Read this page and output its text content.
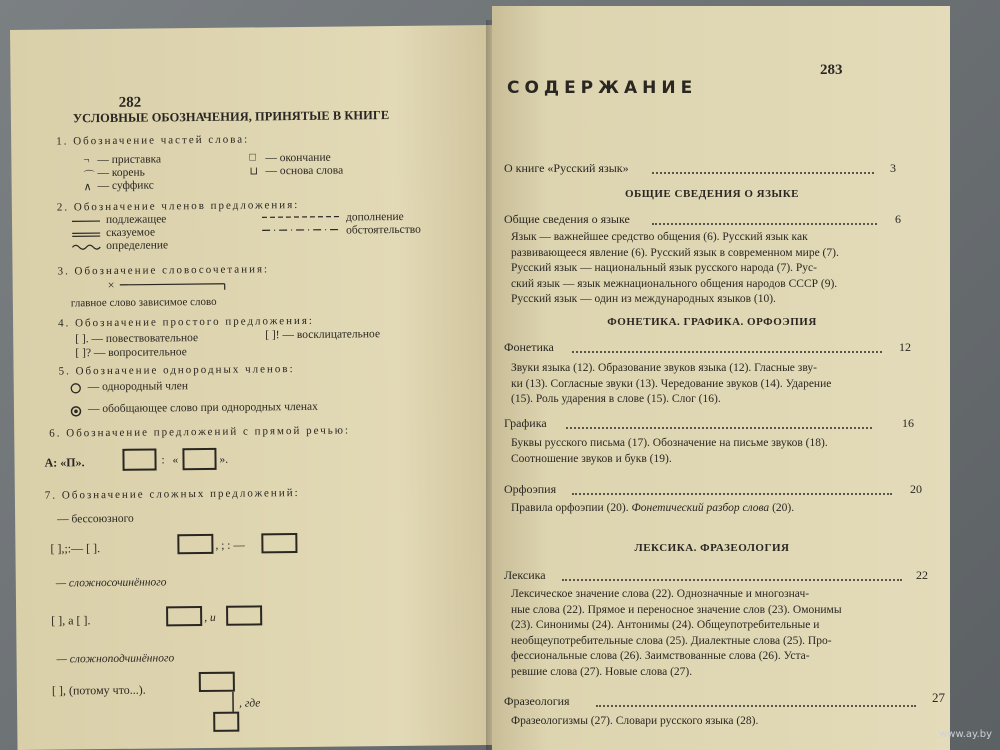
282
УСЛОВНЫЕ ОБОЗНАЧЕНИЯ, ПРИНЯТЫЕ В КНИГЕ
1. Обозначение частей слова:
¬ — приставка
⌒ — корень
∧ — суффикс
□ — окончание
⊔ — основа слова
2. Обозначение членов предложения:
подлежащее
сказуемое
определение
дополнение
обстоятельство
3. Обозначение словосочетания:
×
главное слово зависимое слово
4. Обозначение простого предложения:
[ ]. — повествовательное
[ ]? — вопросительное
[ ]! — восклицательное
5. Обозначение однородных членов:
— однородный член
— обобщающее слово при однородных членах
6. Обозначение предложений с прямой речью:
А: «П».	: «	».
7. Обозначение сложных предложений:
— бессоюзного
[ ],;:— [ ].	, ; : —
— сложносочинённого
[ ], а [ ].	, и
— сложноподчинённого
[ ], (потому что...).
, где
283
СОДЕРЖАНИЕ
О книге «Русский язык»	3
ОБЩИЕ СВЕДЕНИЯ О ЯЗЫКЕ
Общие сведения о языке	6
Язык — важнейшее средство общения (6). Русский язык как
развивающееся явление (6). Русский язык в современном мире (7).
Русский язык — национальный язык русского народа (7). Рус-
ский язык — язык межнационального общения народов СССР (9).
Русский язык — один из международных языков (10).
ФОНЕТИКА. ГРАФИКА. ОРФОЭПИЯ
Фонетика	12
Звуки языка (12). Образование звуков языка (12). Гласные зву-
ки (13). Согласные звуки (13). Чередование звуков (14). Ударение
(15). Роль ударения в слове (15). Слог (16).
Графика	16
Буквы русского письма (17). Обозначение на письме звуков (18).
Соотношение звуков и букв (19).
Орфоэпия	20
Правила орфоэпии (20). Фонетический разбор слова (20).
ЛЕКСИКА. ФРАЗЕОЛОГИЯ
Лексика	22
Лексическое значение слова (22). Однозначные и многознач-
ные слова (22). Прямое и переносное значение слов (23). Омонимы
(23). Синонимы (24). Антонимы (24). Общеупотребительные и
необщеупотребительные слова (25). Диалектные слова (25). Про-
фессиональные слова (26). Заимствованные слова (26). Уста-
ревшие слова (27). Новые слова (27).
Фразеология	27
Фразеологизмы (27). Словари русского языка (28).
www.ay.by
